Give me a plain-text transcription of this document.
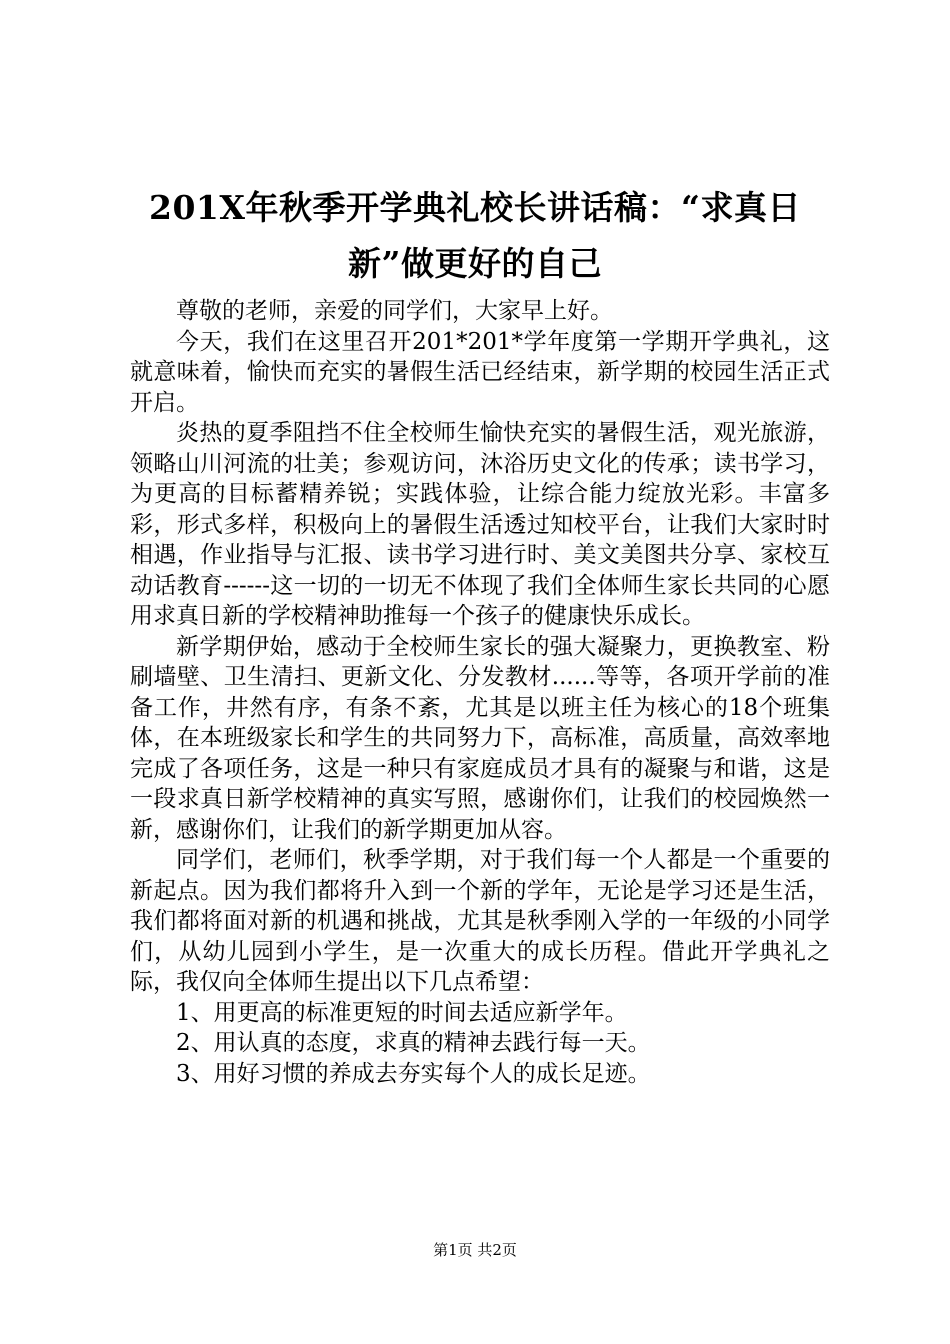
201X年秋季开学典礼校长讲话稿：“求真日
新”做更好的自己

尊敬的老师，亲爱的同学们，大家早上好。

今天，我们在这里召开201*201*学年度第一学期开学典礼，这就意味着，愉快而充实的暑假生活已经结束，新学期的校园生活正式开启。

炎热的夏季阻挡不住全校师生愉快充实的暑假生活，观光旅游，领略山川河流的壮美；参观访问，沐浴历史文化的传承；读书学习，为更高的目标蓄精养锐；实践体验，让综合能力绽放光彩。丰富多彩，形式多样，积极向上的暑假生活透过知校平台，让我们大家时时相遇，作业指导与汇报、读书学习进行时、美文美图共分享、家校互动话教育------这一切的一切无不体现了我们全体师生家长共同的心愿用求真日新的学校精神助推每一个孩子的健康快乐成长。

新学期伊始，感动于全校师生家长的强大凝聚力，更换教室、粉刷墙壁、卫生清扫、更新文化、分发教材......等等，各项开学前的准备工作，井然有序，有条不紊，尤其是以班主任为核心的18个班集体，在本班级家长和学生的共同努力下，高标准，高质量，高效率地完成了各项任务，这是一种只有家庭成员才具有的凝聚与和谐，这是一段求真日新学校精神的真实写照，感谢你们，让我们的校园焕然一新，感谢你们，让我们的新学期更加从容。

同学们，老师们，秋季学期，对于我们每一个人都是一个重要的新起点。因为我们都将升入到一个新的学年，无论是学习还是生活，我们都将面对新的机遇和挑战，尤其是秋季刚入学的一年级的小同学们，从幼儿园到小学生，是一次重大的成长历程。借此开学典礼之际，我仅向全体师生提出以下几点希望：

1、用更高的标准更短的时间去适应新学年。

2、用认真的态度，求真的精神去践行每一天。

3、用好习惯的养成去夯实每个人的成长足迹。

第1页 共2页
